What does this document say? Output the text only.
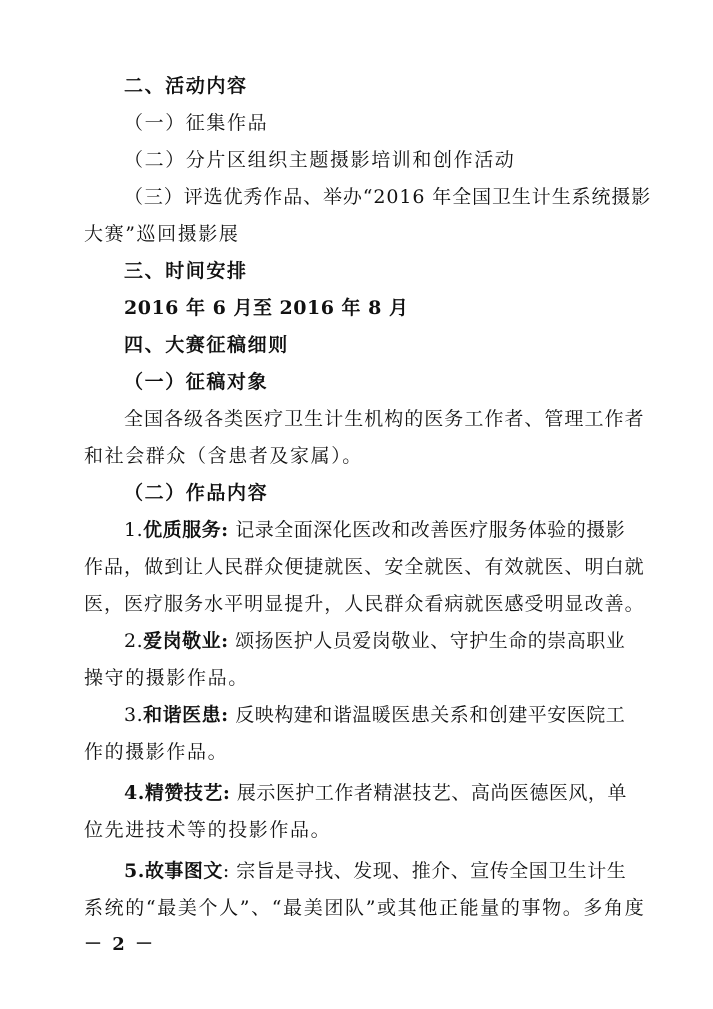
二、活动内容
（一）征集作品
（二）分片区组织主题摄影培训和创作活动
（三）评选优秀作品、举办“2016 年全国卫生计生系统摄影
大赛”巡回摄影展
三、时间安排
2016 年 6 月至 2016 年 8 月
四、大赛征稿细则
（一）征稿对象
全国各级各类医疗卫生计生机构的医务工作者、管理工作者
和社会群众（含患者及家属）。
（二）作品内容
1.优质服务: 记录全面深化医改和改善医疗服务体验的摄影
作品，做到让人民群众便捷就医、安全就医、有效就医、明白就
医，医疗服务水平明显提升，人民群众看病就医感受明显改善。
2.爱岗敬业: 颂扬医护人员爱岗敬业、守护生命的崇高职业
操守的摄影作品。
3.和谐医患: 反映构建和谐温暖医患关系和创建平安医院工
作的摄影作品。
4.精赞技艺: 展示医护工作者精湛技艺、高尚医德医风，单
位先进技术等的投影作品。
5.故事图文: 宗旨是寻找、发现、推介、宣传全国卫生计生
系统的“最美个人”、“最美团队”或其他正能量的事物。多角度
－ 2 －
